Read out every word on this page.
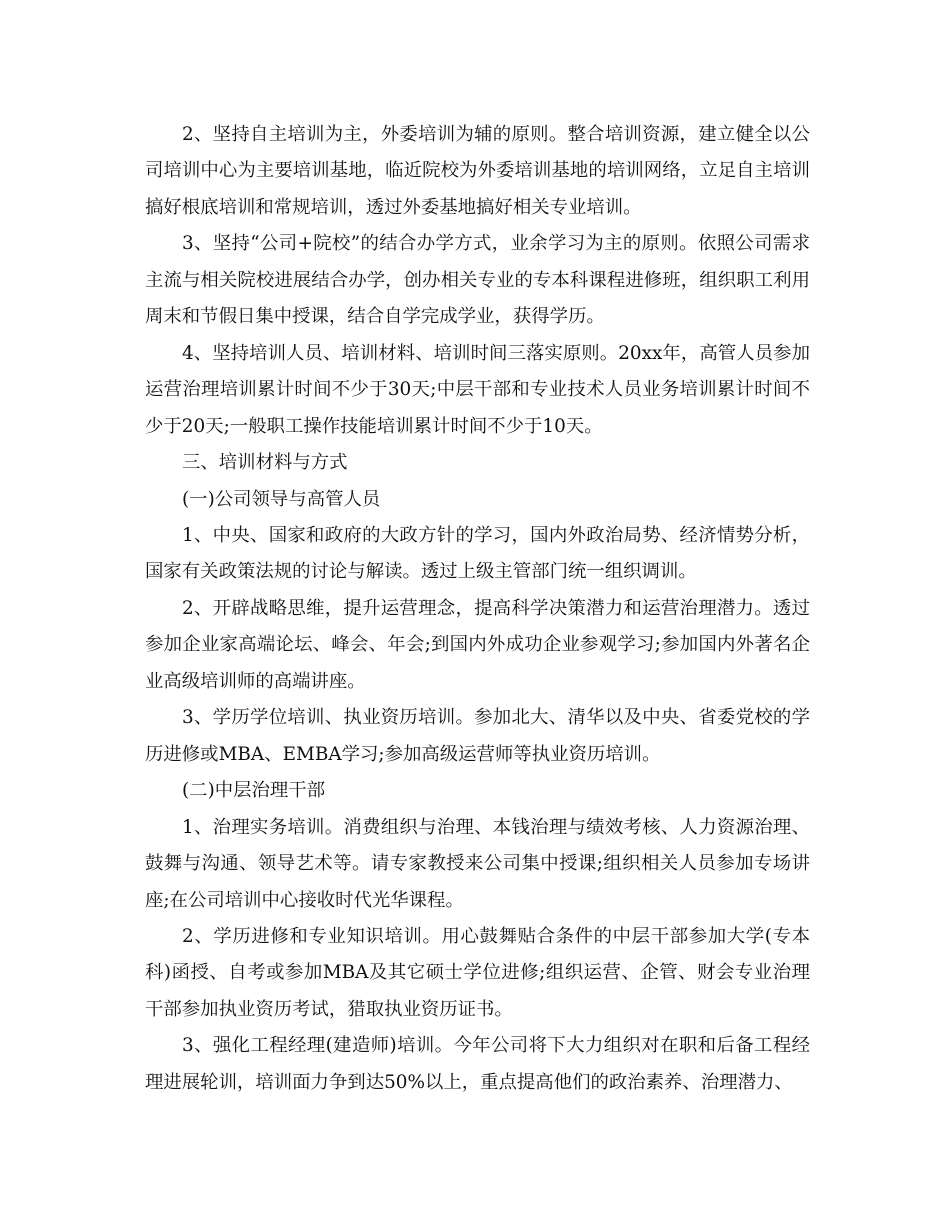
2、坚持自主培训为主，外委培训为辅的原则。整合培训资源，建立健全以公司培训中心为主要培训基地，临近院校为外委培训基地的培训网络，立足自主培训搞好根底培训和常规培训，透过外委基地搞好相关专业培训。

3、坚持“公司+院校”的结合办学方式，业余学习为主的原则。依照公司需求主流与相关院校进展结合办学，创办相关专业的专本科课程进修班，组织职工利用周末和节假日集中授课，结合自学完成学业，获得学历。

4、坚持培训人员、培训材料、培训时间三落实原则。20xx年，高管人员参加运营治理培训累计时间不少于30天;中层干部和专业技术人员业务培训累计时间不少于20天;一般职工操作技能培训累计时间不少于10天。

三、培训材料与方式

(一)公司领导与高管人员

1、中央、国家和政府的大政方针的学习，国内外政治局势、经济情势分析，国家有关政策法规的讨论与解读。透过上级主管部门统一组织调训。

2、开辟战略思维，提升运营理念，提高科学决策潜力和运营治理潜力。透过参加企业家高端论坛、峰会、年会;到国内外成功企业参观学习;参加国内外著名企业高级培训师的高端讲座。

3、学历学位培训、执业资历培训。参加北大、清华以及中央、省委党校的学历进修或MBA、EMBA学习;参加高级运营师等执业资历培训。

(二)中层治理干部

1、治理实务培训。消费组织与治理、本钱治理与绩效考核、人力资源治理、鼓舞与沟通、领导艺术等。请专家教授来公司集中授课;组织相关人员参加专场讲座;在公司培训中心接收时代光华课程。

2、学历进修和专业知识培训。用心鼓舞贴合条件的中层干部参加大学(专本科)函授、自考或参加MBA及其它硕士学位进修;组织运营、企管、财会专业治理干部参加执业资历考试，猎取执业资历证书。

3、强化工程经理(建造师)培训。今年公司将下大力组织对在职和后备工程经理进展轮训，培训面力争到达50%以上，重点提高他们的政治素养、治理潜力、
